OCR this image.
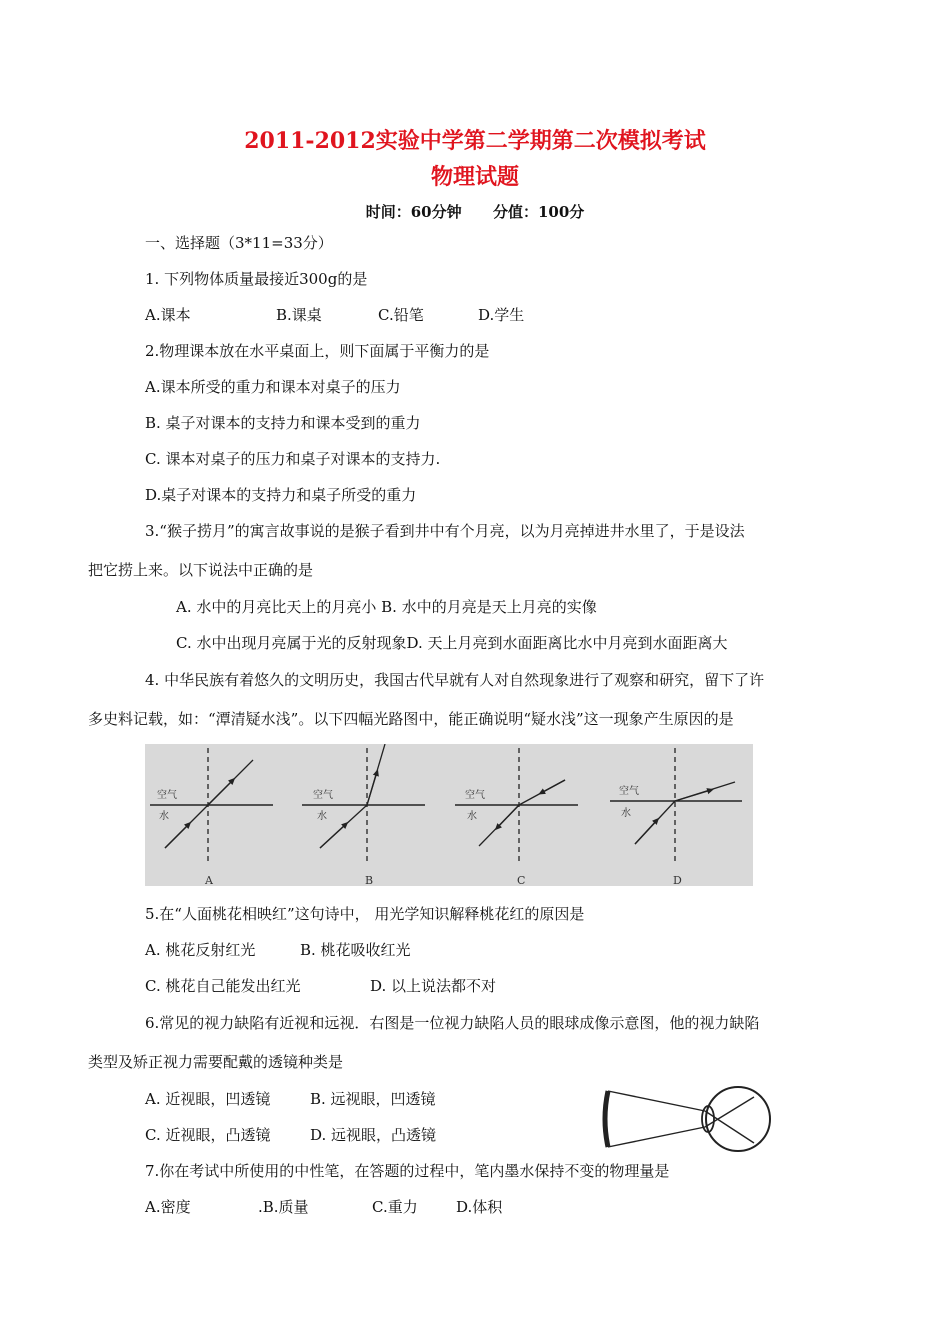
2011-2012实验中学第二学期第二次模拟考试
物理试题
时间：60分钟 分值：100分
一、选择题（3*11=33分）
1. 下列物体质量最接近300g的是
A.课本	B.课桌	C.铅笔	D.学生
2.物理课本放在水平桌面上，则下面属于平衡力的是
A.课本所受的重力和课本对桌子的压力
B. 桌子对课本的支持力和课本受到的重力
C. 课本对桌子的压力和桌子对课本的支持力.
D.桌子对课本的支持力和桌子所受的重力
3.“猴子捞月”的寓言故事说的是猴子看到井中有个月亮，以为月亮掉进井水里了，于是设法
把它捞上来。以下说法中正确的是
A. 水中的月亮比天上的月亮小 B. 水中的月亮是天上月亮的实像
C. 水中出现月亮属于光的反射现象D. 天上月亮到水面距离比水中月亮到水面距离大
4. 中华民族有着悠久的文明历史，我国古代早就有人对自然现象进行了观察和研究，留下了许
多史料记载，如：“潭清疑水浅”。以下四幅光路图中，能正确说明“疑水浅”这一现象产生原因的是
空气
水
A
空气
水
B
空气
水
C
空气
水
D
5.在“人面桃花相映红”这句诗中， 用光学知识解释桃花红的原因是
A. 桃花反射红光	B. 桃花吸收红光
C. 桃花自己能发出红光	D. 以上说法都不对
6.常见的视力缺陷有近视和远视．右图是一位视力缺陷人员的眼球成像示意图，他的视力缺陷
类型及矫正视力需要配戴的透镜种类是
A. 近视眼，凹透镜	B. 远视眼，凹透镜
C. 近视眼，凸透镜	D. 远视眼，凸透镜
7.你在考试中所使用的中性笔，在答题的过程中，笔内墨水保持不变的物理量是
A.密度	.B.质量	C.重力	D.体积
